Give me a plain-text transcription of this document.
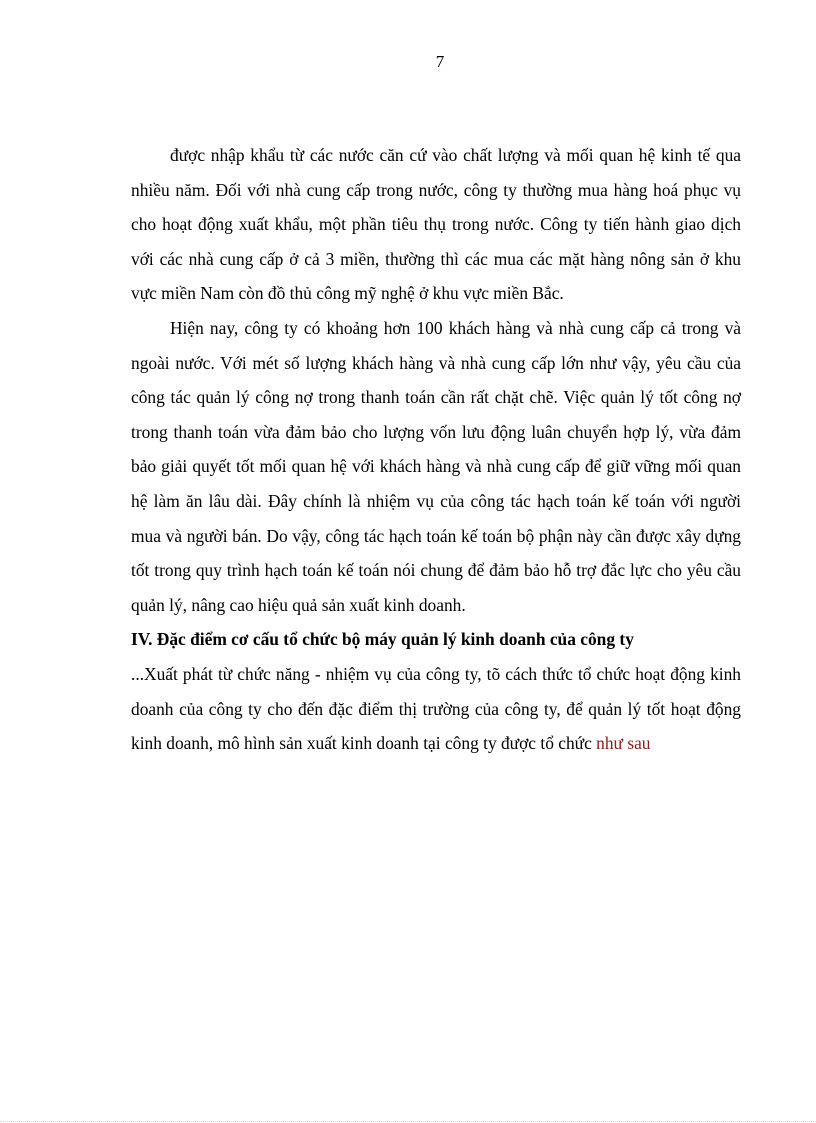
7

được nhập khẩu từ các nước căn cứ vào chất lượng và mối quan hệ kinh tế qua nhiều năm. Đối với nhà cung cấp trong nước, công ty thường mua hàng hoá phục vụ cho hoạt động xuất khẩu, một phần tiêu thụ trong nước. Công ty tiến hành giao dịch với các nhà cung cấp ở cả 3 miền, thường thì các mua các mặt hàng nông sản ở khu vực miền Nam còn đồ thủ công mỹ nghệ ở khu vực miền Bắc.

Hiện nay, công ty có khoảng hơn 100 khách hàng và nhà cung cấp cả trong và ngoài nước. Với mét số lượng khách hàng và nhà cung cấp lớn như vậy, yêu cầu của công tác quản lý công nợ trong thanh toán cần rất chặt chẽ. Việc quản lý tốt công nợ trong thanh toán vừa đảm bảo cho lượng vốn lưu động luân chuyển hợp lý, vừa đảm bảo giải quyết tốt mối quan hệ với khách hàng và nhà cung cấp để giữ vững mối quan hệ làm ăn lâu dài. Đây chính là nhiệm vụ của công tác hạch toán kế toán với người mua và người bán. Do vậy, công tác hạch toán kế toán bộ phận này cần được xây dựng tốt trong quy trình hạch toán kế toán nói chung để đảm bảo hỗ trợ đắc lực cho yêu cầu quản lý, nâng cao hiệu quả sản xuất kinh doanh.

IV. Đặc điểm cơ cấu tổ chức bộ máy quản lý kinh doanh của công ty

...Xuất phát từ chức năng - nhiệm vụ của công ty, tõ cách thức tổ chức hoạt động kinh doanh của công ty cho đến đặc điểm thị trường của công ty, để quản lý tốt hoạt động kinh doanh, mô hình sản xuất kinh doanh tại công ty được tổ chức như sau
